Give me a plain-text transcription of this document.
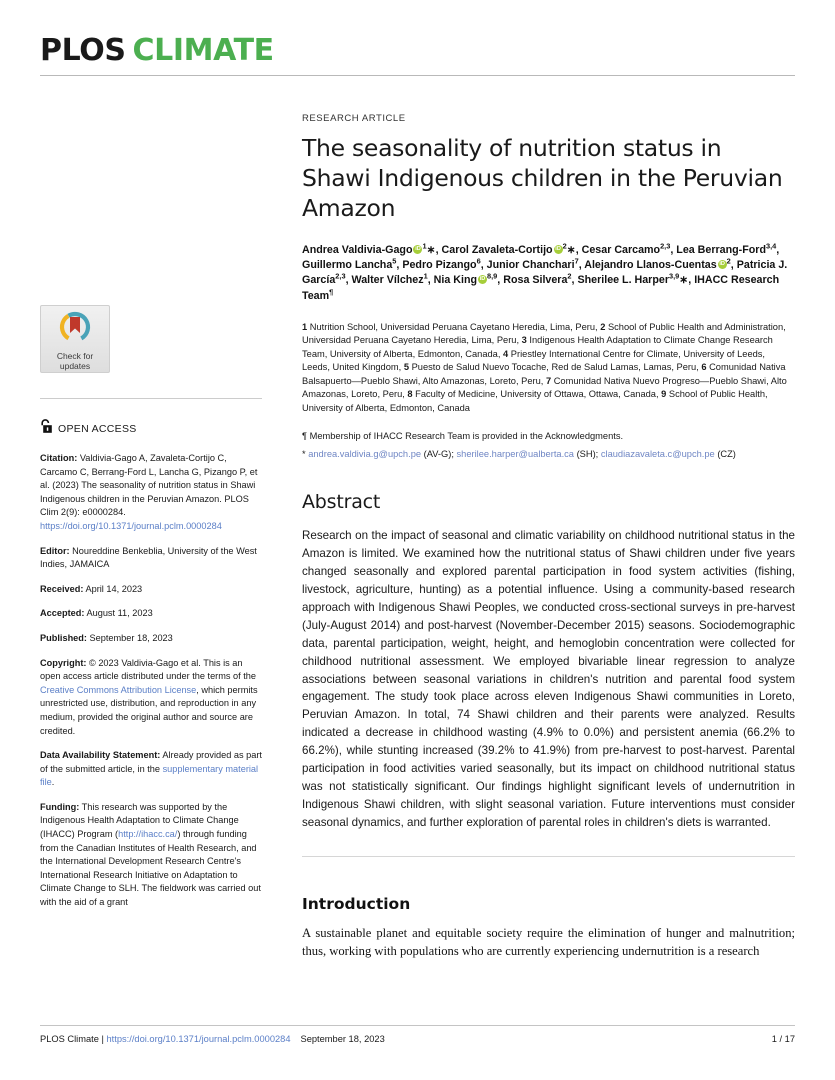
PLOS CLIMATE
Check for
updates
OPEN ACCESS
Citation: Valdivia-Gago A, Zavaleta-Cortijo C, Carcamo C, Berrang-Ford L, Lancha G, Pizango P, et al. (2023) The seasonality of nutrition status in Shawi Indigenous children in the Peruvian Amazon. PLOS Clim 2(9): e0000284. https://doi.org/10.1371/journal.pclm.0000284
Editor: Noureddine Benkeblia, University of the West Indies, JAMAICA
Received: April 14, 2023
Accepted: August 11, 2023
Published: September 18, 2023
Copyright: © 2023 Valdivia-Gago et al. This is an open access article distributed under the terms of the Creative Commons Attribution License, which permits unrestricted use, distribution, and reproduction in any medium, provided the original author and source are credited.
Data Availability Statement: Already provided as part of the submitted article, in the supplementary material file.
Funding: This research was supported by the Indigenous Health Adaptation to Climate Change (IHACC) Program (http://ihacc.ca/) through funding from the Canadian Institutes of Health Research, and the International Development Research Centre's International Research Initiative on Adaptation to Climate Change to SLH. The fieldwork was carried out with the aid of a grant
RESEARCH ARTICLE
The seasonality of nutrition status in Shawi Indigenous children in the Peruvian Amazon
Andrea Valdivia-Gago iD $^1$∗, Carol Zavaleta-Cortijo iD $^2$∗, Cesar Carcamo$^{2,3}$, Lea Berrang-Ford$^{3,4}$, Guillermo Lancha$^5$, Pedro Pizango$^6$, Junior Chanchari$^7$, Alejandro Llanos-Cuentas iD $^2$, Patricia J. García$^{2,3}$, Walter Vílchez$^1$, Nia King iD $^{8,9}$, Rosa Silvera$^2$, Sherilee L. Harper$^{3,9}$∗, IHACC Research Team¶
1 Nutrition School, Universidad Peruana Cayetano Heredia, Lima, Peru, 2 School of Public Health and Administration, Universidad Peruana Cayetano Heredia, Lima, Peru, 3 Indigenous Health Adaptation to Climate Change Research Team, University of Alberta, Edmonton, Canada, 4 Priestley International Centre for Climate, University of Leeds, Leeds, United Kingdom, 5 Puesto de Salud Nuevo Tocache, Red de Salud Lamas, Lamas, Peru, 6 Comunidad Nativa Balsapuerto—Pueblo Shawi, Alto Amazonas, Loreto, Peru, 7 Comunidad Nativa Nuevo Progreso—Pueblo Shawi, Alto Amazonas, Loreto, Peru, 8 Faculty of Medicine, University of Ottawa, Ottawa, Canada, 9 School of Public Health, University of Alberta, Edmonton, Canada
¶ Membership of IHACC Research Team is provided in the Acknowledgments.
* andrea.valdivia.g@upch.pe (AV-G); sherilee.harper@ualberta.ca (SH); claudiazavaleta.c@upch.pe (CZ)
Abstract

Research on the impact of seasonal and climatic variability on childhood nutritional status in the Amazon is limited. We examined how the nutritional status of Shawi children under five years changed seasonally and explored parental participation in food system activities (fishing, livestock, agriculture, hunting) as a potential influence. Using a community-based research approach with Indigenous Shawi Peoples, we conducted cross-sectional surveys in pre-harvest (July-August 2014) and post-harvest (November-December 2015) seasons. Sociodemographic data, parental participation, weight, height, and hemoglobin concentration were collected for childhood nutritional assessment. We employed bivariable linear regression to analyze associations between seasonal variations in children's nutrition and parental food system engagement. The study took place across eleven Indigenous Shawi communities in Loreto, Peruvian Amazon. In total, 74 Shawi children and their parents were analyzed. Results indicated a decrease in childhood wasting (4.9% to 0.0%) and persistent anemia (66.2% to 66.2%), while stunting increased (39.2% to 41.9%) from pre-harvest to post-harvest. Parental participation in food activities varied seasonally, but its impact on childhood nutritional status was not statistically significant. Our findings highlight significant levels of undernutrition in Indigenous Shawi children, with slight seasonal variation. Future interventions must consider seasonal dynamics, and further exploration of parental roles in children's diets is warranted.

Introduction

A sustainable planet and equitable society require the elimination of hunger and malnutrition; thus, working with populations who are currently experiencing undernutrition is a research

PLOS Climate | https://doi.org/10.1371/journal.pclm.0000284 September 18, 2023	1 / 17
